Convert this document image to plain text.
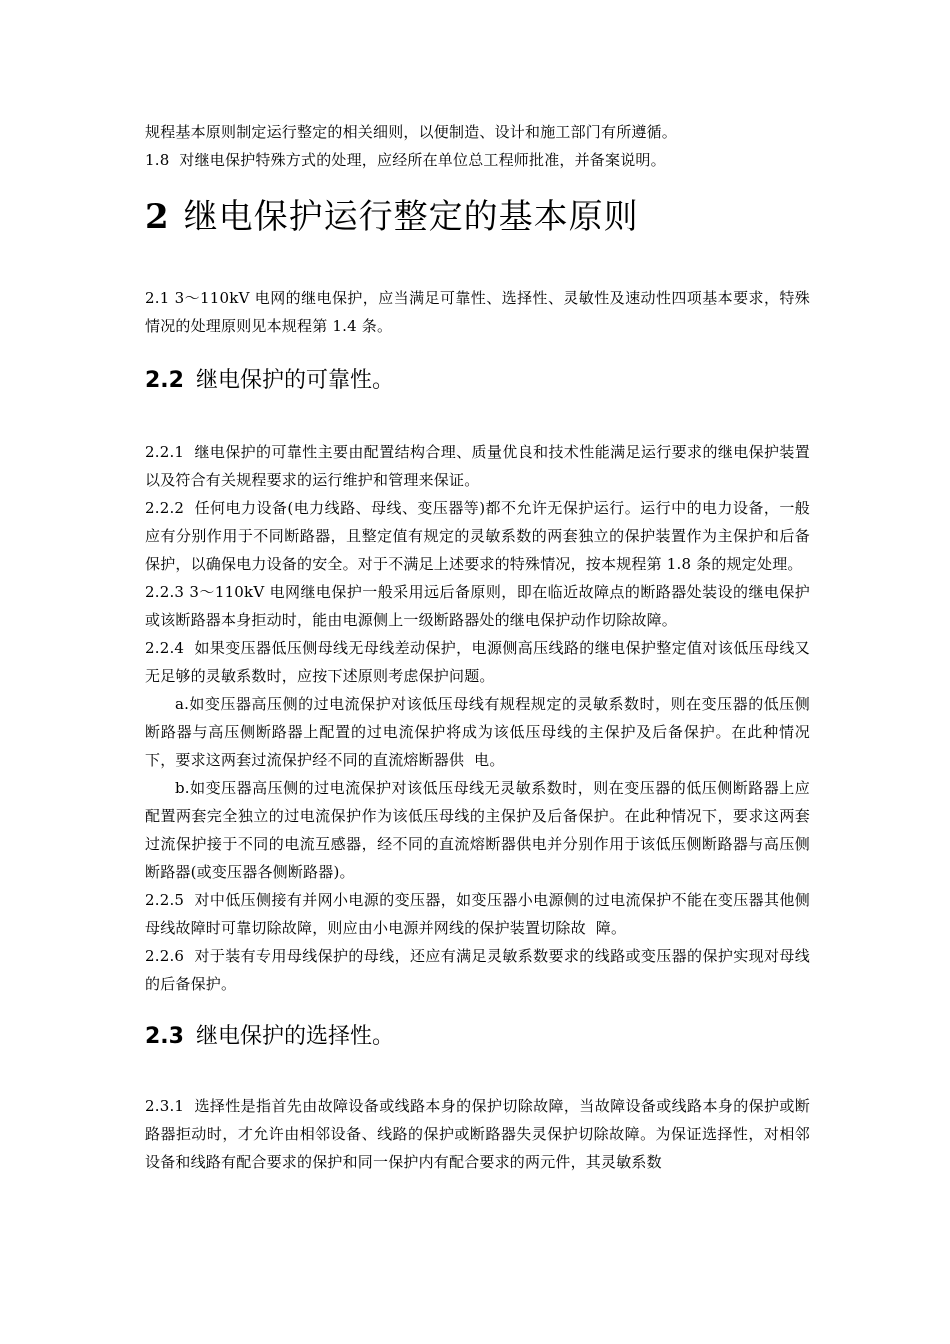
规程基本原则制定运行整定的相关细则，以便制造、设计和施工部门有所遵循。

1.8  对继电保护特殊方式的处理，应经所在单位总工程师批准，并备案说明。

2 继电保护运行整定的基本原则

2.1 3～110kV 电网的继电保护，应当满足可靠性、选择性、灵敏性及速动性四项基本要求，特殊情况的处理原则见本规程第 1.4 条。

2.2 继电保护的可靠性。

2.2.1  继电保护的可靠性主要由配置结构合理、质量优良和技术性能满足运行要求的继电保护装置以及符合有关规程要求的运行维护和管理来保证。

2.2.2  任何电力设备(电力线路、母线、变压器等)都不允许无保护运行。运行中的电力设备，一般应有分别作用于不同断路器，且整定值有规定的灵敏系数的两套独立的保护装置作为主保护和后备保护，以确保电力设备的安全。对于不满足上述要求的特殊情况，按本规程第 1.8 条的规定处理。

2.2.3 3～110kV 电网继电保护一般采用远后备原则，即在临近故障点的断路器处装设的继电保护或该断路器本身拒动时，能由电源侧上一级断路器处的继电保护动作切除故障。

2.2.4  如果变压器低压侧母线无母线差动保护，电源侧高压线路的继电保护整定值对该低压母线又无足够的灵敏系数时，应按下述原则考虑保护问题。

a.如变压器高压侧的过电流保护对该低压母线有规程规定的灵敏系数时，则在变压器的低压侧断路器与高压侧断路器上配置的过电流保护将成为该低压母线的主保护及后备保护。在此种情况下，要求这两套过流保护经不同的直流熔断器供  电。

b.如变压器高压侧的过电流保护对该低压母线无灵敏系数时，则在变压器的低压侧断路器上应配置两套完全独立的过电流保护作为该低压母线的主保护及后备保护。在此种情况下，要求这两套过流保护接于不同的电流互感器，经不同的直流熔断器供电并分别作用于该低压侧断路器与高压侧断路器(或变压器各侧断路器)。

2.2.5  对中低压侧接有并网小电源的变压器，如变压器小电源侧的过电流保护不能在变压器其他侧母线故障时可靠切除故障，则应由小电源并网线的保护装置切除故  障。

2.2.6  对于装有专用母线保护的母线，还应有满足灵敏系数要求的线路或变压器的保护实现对母线的后备保护。

2.3 继电保护的选择性。

2.3.1  选择性是指首先由故障设备或线路本身的保护切除故障，当故障设备或线路本身的保护或断路器拒动时，才允许由相邻设备、线路的保护或断路器失灵保护切除故障。为保证选择性，对相邻设备和线路有配合要求的保护和同一保护内有配合要求的两元件，其灵敏系数
